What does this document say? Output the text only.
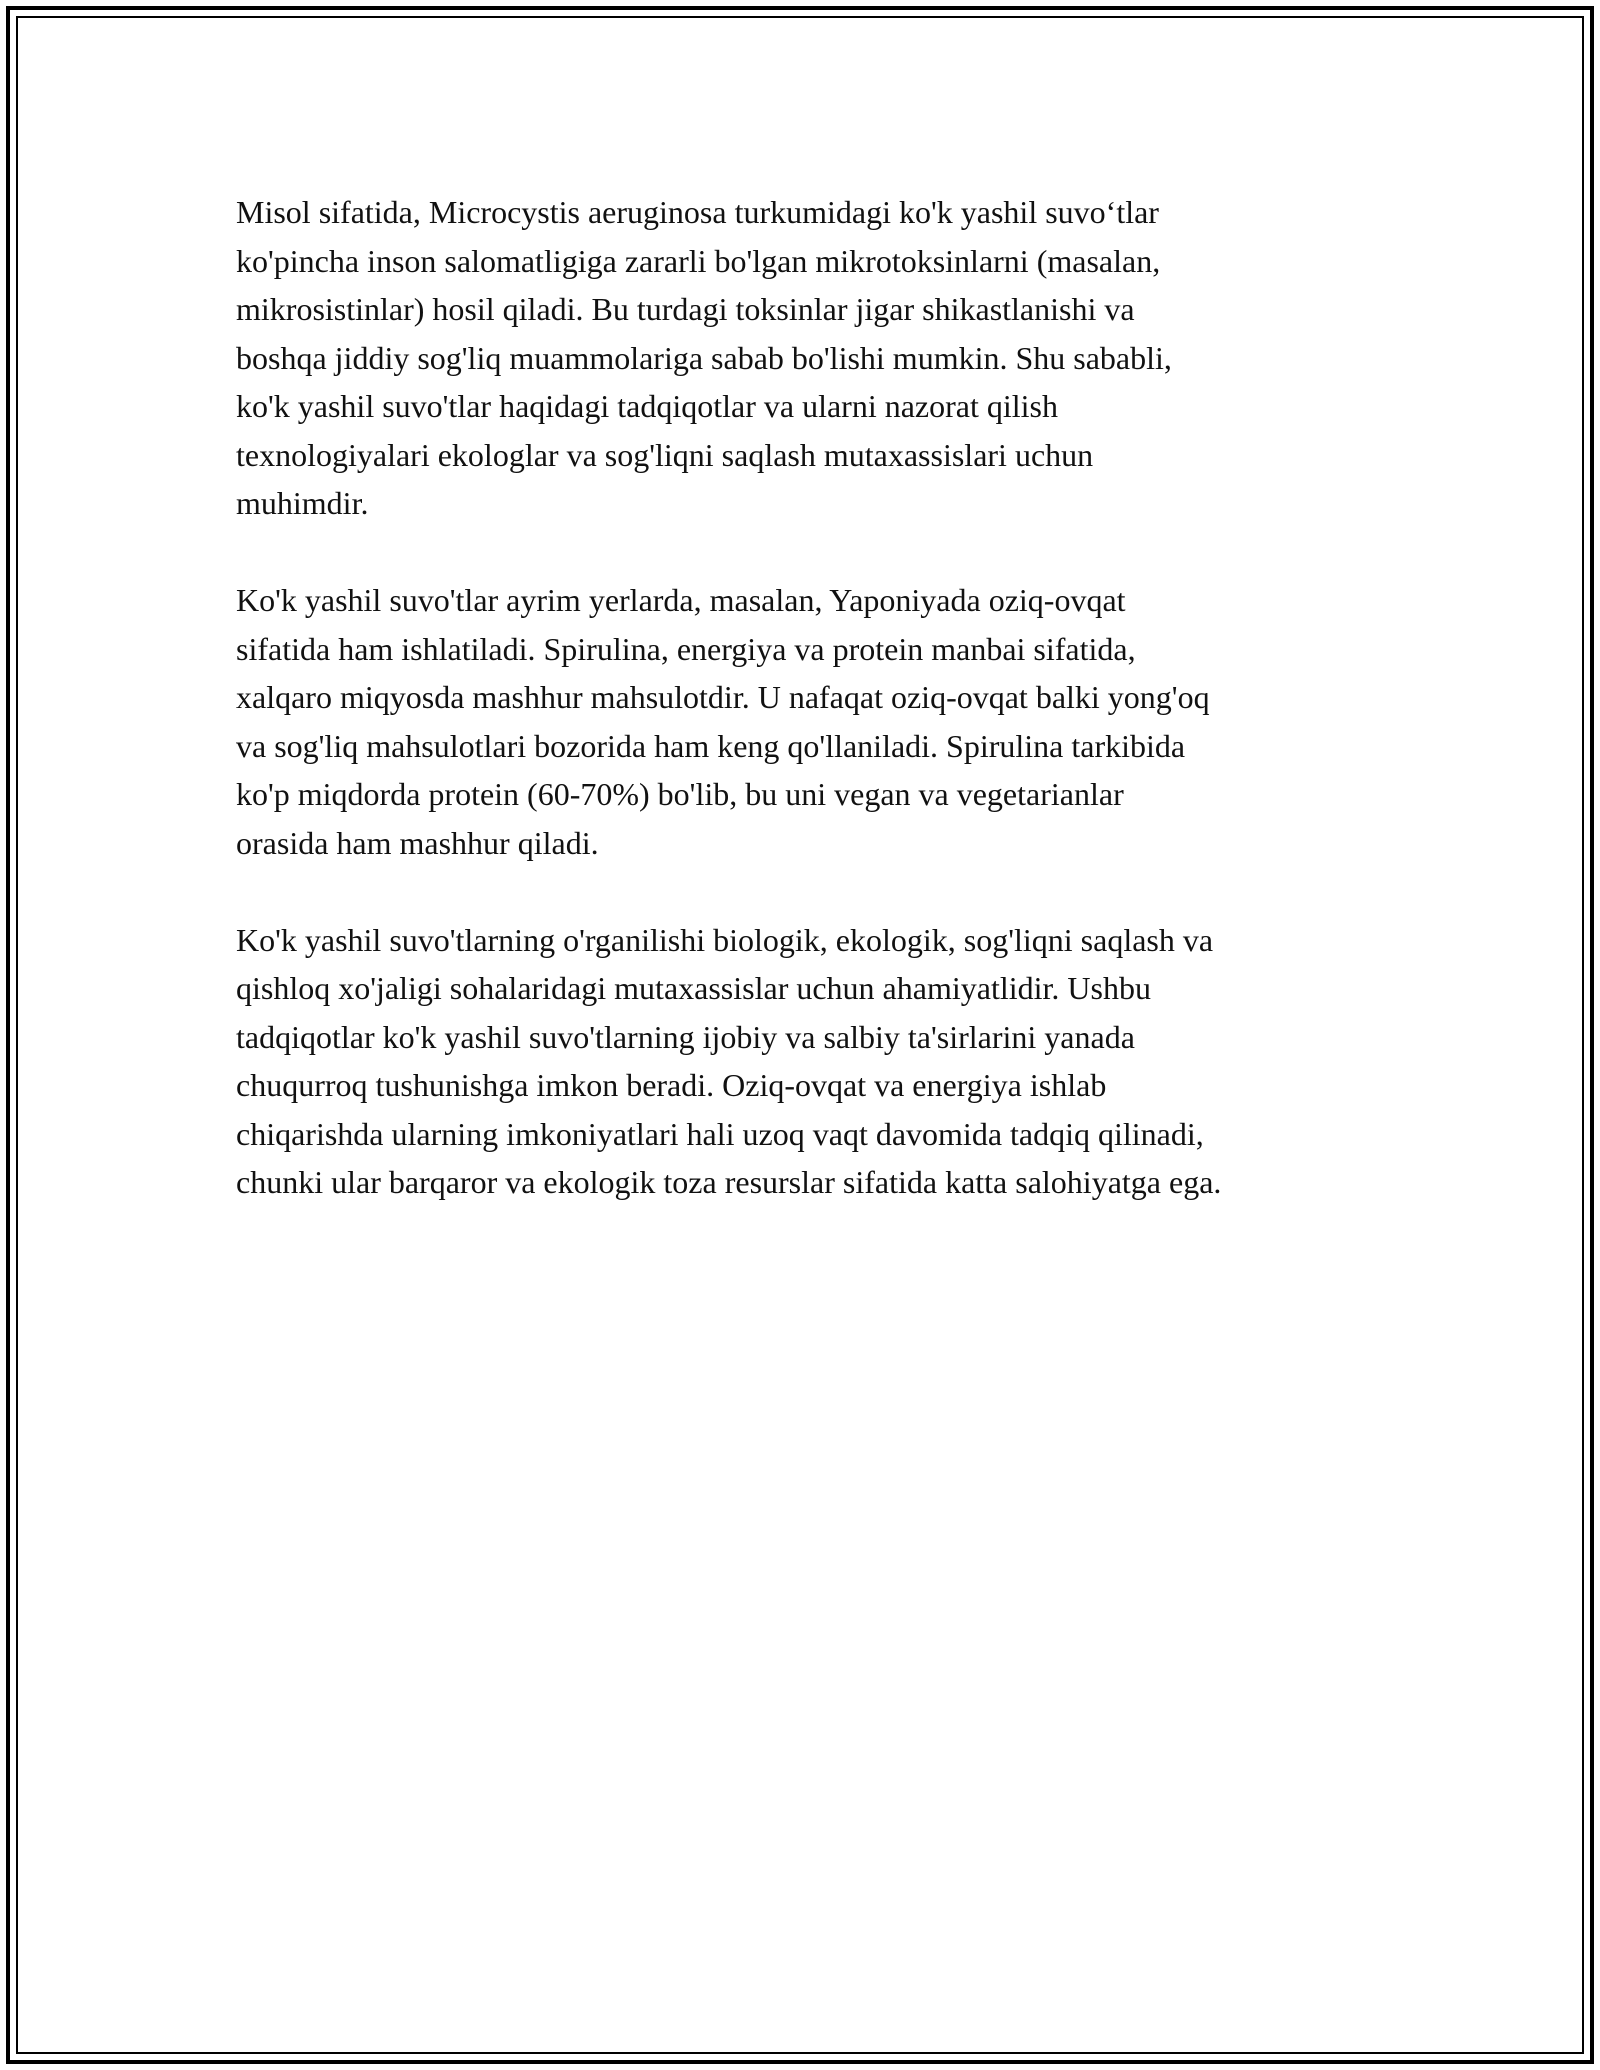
Misol sifatida, Microcystis aeruginosa turkumidagi ko'k yashil suvo‘tlar
ko'pincha inson salomatligiga zararli bo'lgan mikrotoksinlarni (masalan,
mikrosistinlar) hosil qiladi. Bu turdagi toksinlar jigar shikastlanishi va
boshqa jiddiy sog'liq muammolariga sabab bo'lishi mumkin. Shu sababli,
ko'k yashil suvo'tlar haqidagi tadqiqotlar va ularni nazorat qilish
texnologiyalari ekologlar va sog'liqni saqlash mutaxassislari uchun
muhimdir.

Ko'k yashil suvo'tlar ayrim yerlarda, masalan, Yaponiyada oziq-ovqat
sifatida ham ishlatiladi. Spirulina, energiya va protein manbai sifatida,
xalqaro miqyosda mashhur mahsulotdir. U nafaqat oziq-ovqat balki yong'oq
va sog'liq mahsulotlari bozorida ham keng qo'llaniladi. Spirulina tarkibida
ko'p miqdorda protein (60-70%) bo'lib, bu uni vegan va vegetarianlar
orasida ham mashhur qiladi.

Ko'k yashil suvo'tlarning o'rganilishi biologik, ekologik, sog'liqni saqlash va
qishloq xo'jaligi sohalaridagi mutaxassislar uchun ahamiyatlidir. Ushbu
tadqiqotlar ko'k yashil suvo'tlarning ijobiy va salbiy ta'sirlarini yanada
chuqurroq tushunishga imkon beradi. Oziq-ovqat va energiya ishlab
chiqarishda ularning imkoniyatlari hali uzoq vaqt davomida tadqiq qilinadi,
chunki ular barqaror va ekologik toza resurslar sifatida katta salohiyatga ega.
